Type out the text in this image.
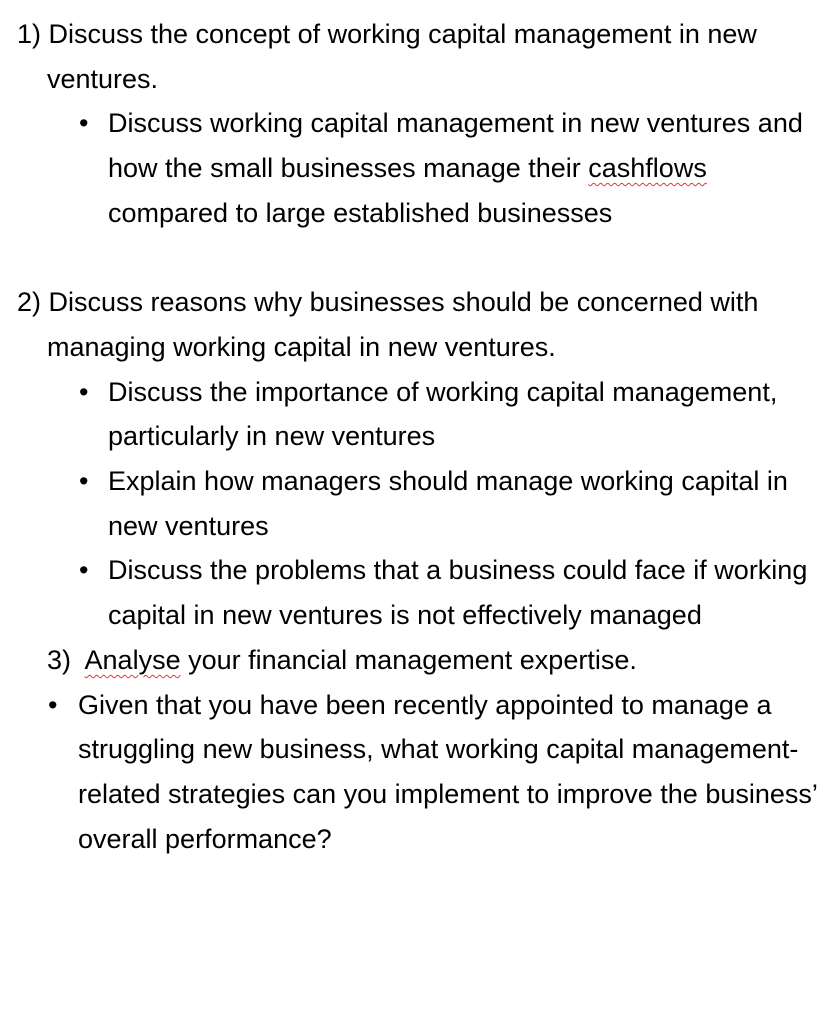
1) Discuss the concept of working capital management in new ventures.

• Discuss working capital management in new ventures and how the small businesses manage their cashflows compared to large established businesses

2) Discuss reasons why businesses should be concerned with managing working capital in new ventures.

• Discuss the importance of working capital management, particularly in new ventures

• Explain how managers should manage working capital in new ventures

• Discuss the problems that a business could face if working capital in new ventures is not effectively managed

3) Analyse your financial management expertise.

• Given that you have been recently appointed to manage a struggling new business, what working capital management-related strategies can you implement to improve the business’ overall performance?
